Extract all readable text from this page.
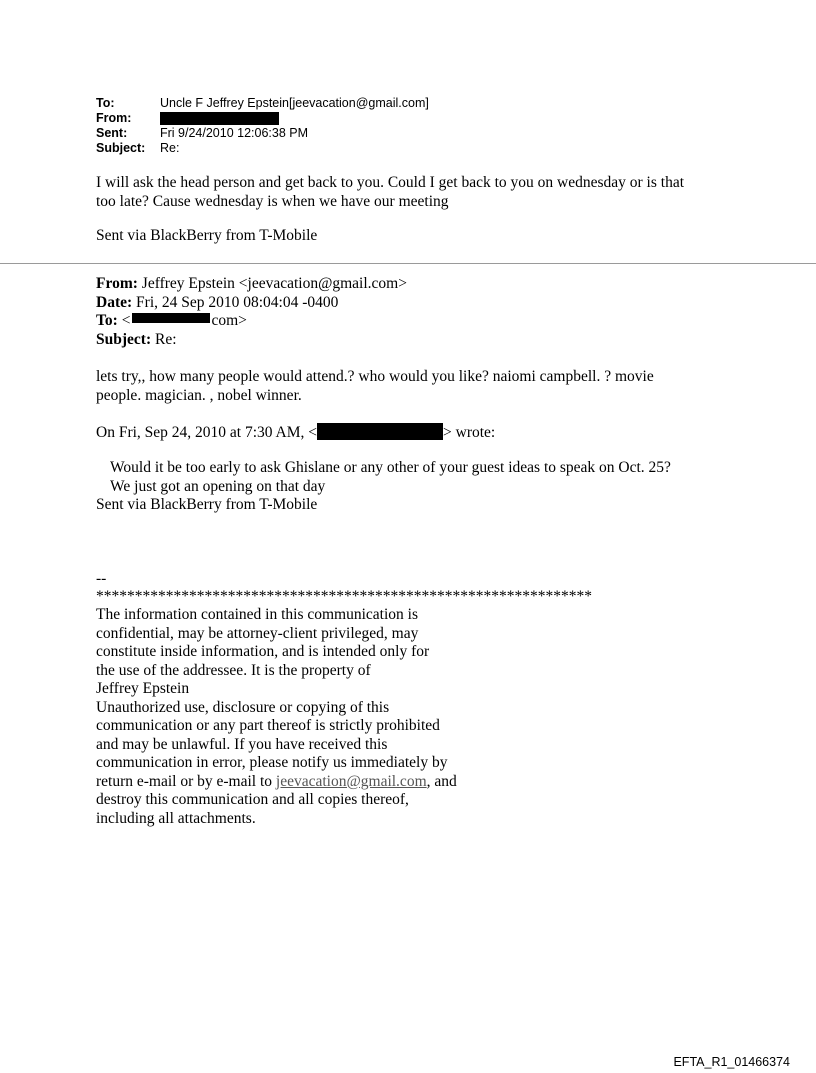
To:	Uncle F Jeffrey Epstein[jeevacation@gmail.com]
From:
Sent:	Fri 9/24/2010 12:06:38 PM
Subject:	Re:
I will ask the head person and get back to you. Could I get back to you on wednesday or is that
too late? Cause wednesday is when we have our meeting
Sent via BlackBerry from T-Mobile
From: Jeffrey Epstein <jeevacation@gmail.com>
Date: Fri, 24 Sep 2010 08:04:04 -0400
To: <	com>
Subject: Re:
lets try,, how many people would attend.? who would you like? naiomi campbell. ? movie
people. magician. , nobel winner.
On Fri, Sep 24, 2010 at 7:30 AM, <	> wrote:
Would it be too early to ask Ghislane or any other of your guest ideas to speak on Oct. 25?
We just got an opening on that day
Sent via BlackBerry from T-Mobile
--
****************************************************************
The information contained in this communication is
confidential, may be attorney-client privileged, may
constitute inside information, and is intended only for
the use of the addressee. It is the property of
Jeffrey Epstein
Unauthorized use, disclosure or copying of this
communication or any part thereof is strictly prohibited
and may be unlawful. If you have received this
communication in error, please notify us immediately by
return e-mail or by e-mail to jeevacation@gmail.com, and
destroy this communication and all copies thereof,
including all attachments.
EFTA_R1_01466374
